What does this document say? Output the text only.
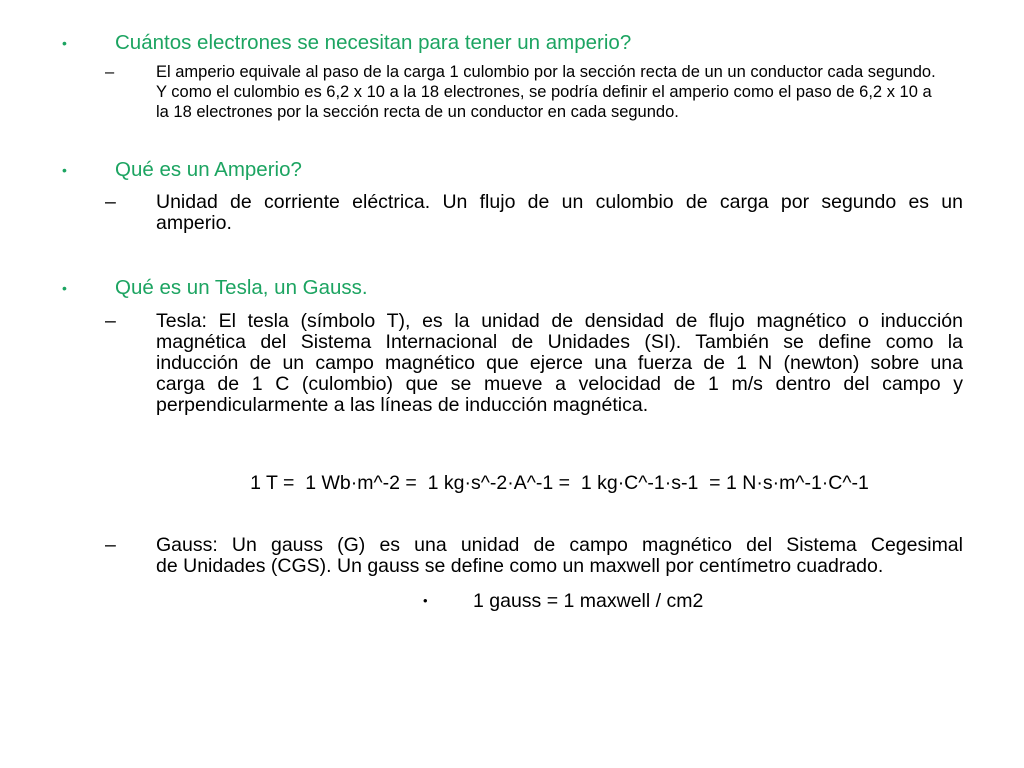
•	Cuántos electrones se necesitan para tener un amperio?
–	El amperio equivale al paso de la carga 1 culombio por la sección recta de un un conductor cada segundo.
Y como el culombio es 6,2 x 10 a la 18 electrones, se podría definir el amperio como el paso de 6,2 x 10 a
la 18 electrones por la sección recta de un conductor en cada segundo.
•	Qué es un Amperio?
–	Unidad de corriente eléctrica. Un flujo de un culombio de carga por segundo es un
amperio.
•	Qué es un Tesla, un Gauss.
–	Tesla: El tesla (símbolo T), es la unidad de densidad de flujo magnético o inducción
magnética del Sistema Internacional de Unidades (SI). También se define como la
inducción de un campo magnético que ejerce una fuerza de 1 N (newton) sobre una
carga de 1 C (culombio) que se mueve a velocidad de 1 m/s dentro del campo y
perpendicularmente a las líneas de inducción magnética.
1 T =  1 Wb·m^-2 =  1 kg·s^-2·A^-1 =  1 kg·C^-1·s-1  = 1 N·s·m^-1·C^-1
–	Gauss: Un gauss (G) es una unidad de campo magnético del Sistema Cegesimal
de Unidades (CGS). Un gauss se define como un maxwell por centímetro cuadrado.
•	1 gauss = 1 maxwell / cm2
